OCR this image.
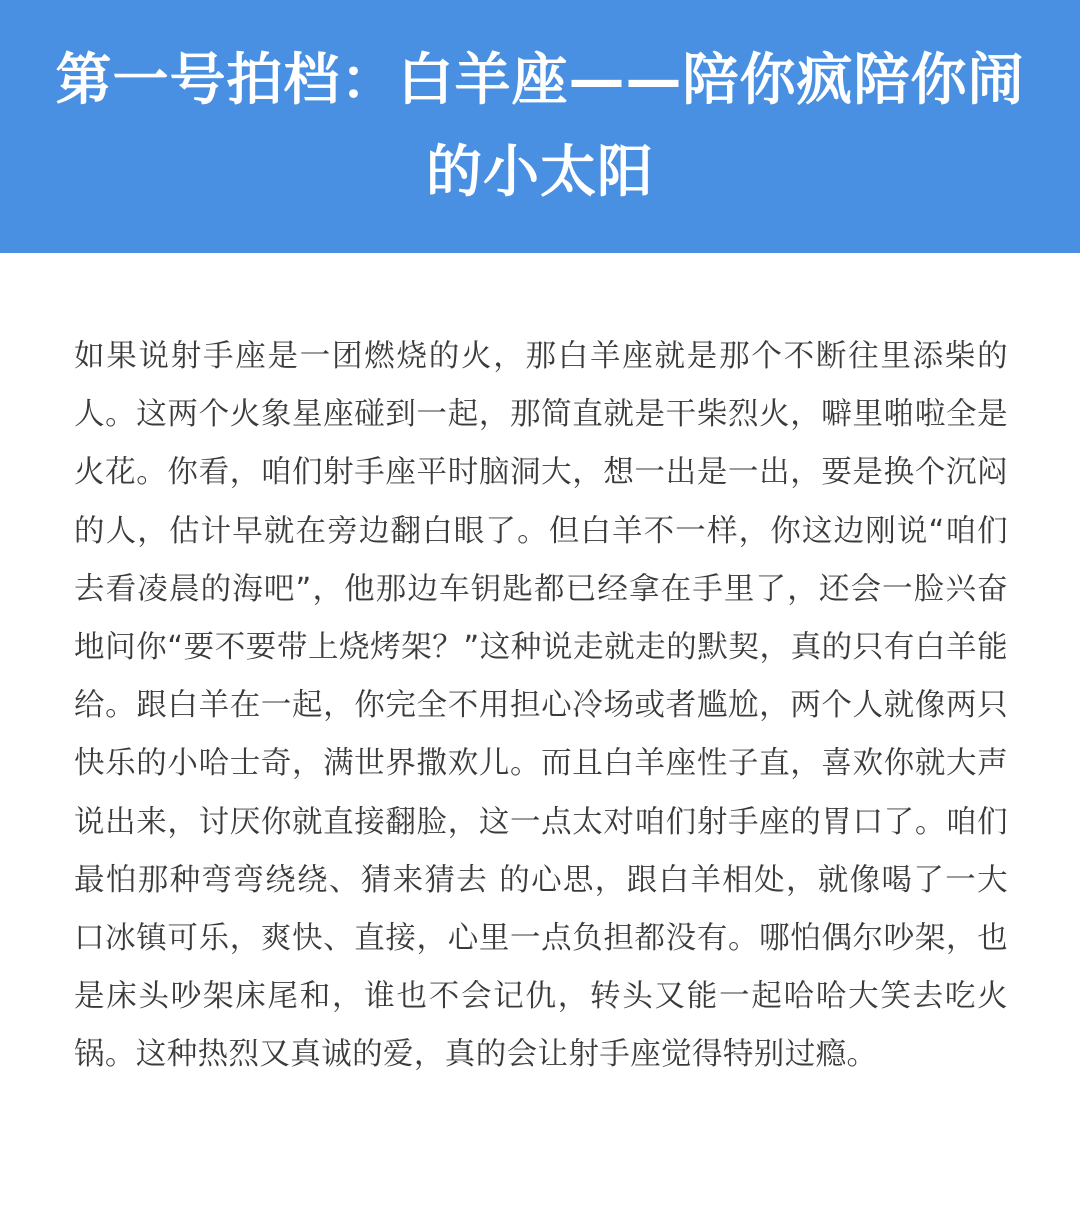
第一号拍档：白羊座——陪你疯陪你闹的小太阳

如果说射手座是一团燃烧的火，那白羊座就是那个不断往里添柴的人。这两个火象星座碰到一起，那简直就是干柴烈火，噼里啪啦全是火花。你看，咱们射手座平时脑洞大，想一出是一出，要是换个沉闷的人，估计早就在旁边翻白眼了。但白羊不一样，你这边刚说“咱们去看凌晨的海吧”，他那边车钥匙都已经拿在手里了，还会一脸兴奋地问你“要不要带上烧烤架？”这种说走就走的默契，真的只有白羊能给。跟白羊在一起，你完全不用担心冷场或者尴尬，两个人就像两只快乐的小哈士奇，满世界撒欢儿。而且白羊座性子直，喜欢你就大声说出来，讨厌你就直接翻脸，这一点太对咱们射手座的胃口了。咱们最怕那种弯弯绕绕、猜来猜去 的心思，跟白羊相处，就像喝了一大口冰镇可乐，爽快、直接，心里一点负担都没有。哪怕偶尔吵架，也是床头吵架床尾和，谁也不会记仇，转头又能一起哈哈大笑去吃火锅。这种热烈又真诚的爱，真的会让射手座觉得特别过瘾。
